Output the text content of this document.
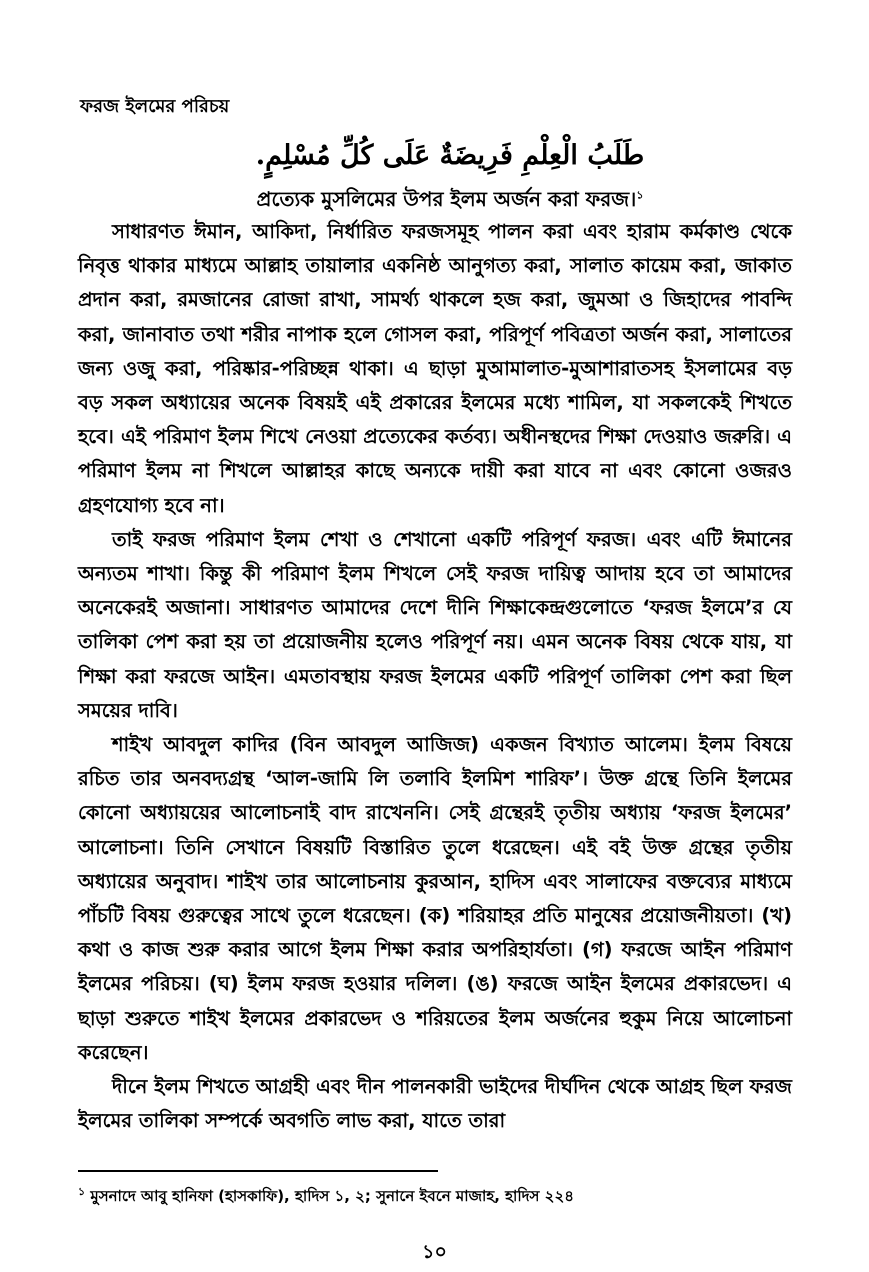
ফরজ ইলমের পরিচয়
طَلَبُ الْعِلْمِ فَرِيضَةٌ عَلَى كُلِّ مُسْلِمٍ.
প্রত্যেক মুসলিমের উপর ইলম অর্জন করা ফরজ।$^১$

সাধারণত ঈমান, আকিদা, নির্ধারিত ফরজসমূহ পালন করা এবং হারাম কর্মকাণ্ড থেকে নিবৃত্ত থাকার মাধ্যমে আল্লাহ তায়ালার একনিষ্ঠ আনুগত্য করা, সালাত কায়েম করা, জাকাত প্রদান করা, রমজানের রোজা রাখা, সামর্থ্য থাকলে হজ করা, জুমআ ও জিহাদের পাবন্দি করা, জানাবাত তথা শরীর নাপাক হলে গোসল করা, পরিপূর্ণ পবিত্রতা অর্জন করা, সালাতের জন্য ওজু করা, পরিষ্কার-পরিচ্ছন্ন থাকা। এ ছাড়া মুআমালাত-মুআশারাতসহ ইসলামের বড় বড় সকল অধ্যায়ের অনেক বিষয়ই এই প্রকারের ইলমের মধ্যে শামিল, যা সকলকেই শিখতে হবে। এই পরিমাণ ইলম শিখে নেওয়া প্রত্যেকের কর্তব্য। অধীনস্থদের শিক্ষা দেওয়াও জরুরি। এ পরিমাণ ইলম না শিখলে আল্লাহর কাছে অন্যকে দায়ী করা যাবে না এবং কোনো ওজরও গ্রহণযোগ্য হবে না।

তাই ফরজ পরিমাণ ইলম শেখা ও শেখানো একটি পরিপূর্ণ ফরজ। এবং এটি ঈমানের অন্যতম শাখা। কিন্তু কী পরিমাণ ইলম শিখলে সেই ফরজ দায়িত্ব আদায় হবে তা আমাদের অনেকেরই অজানা। সাধারণত আমাদের দেশে দীনি শিক্ষাকেন্দ্রগুলোতে ‘ফরজ ইলমে’র যে তালিকা পেশ করা হয় তা প্রয়োজনীয় হলেও পরিপূর্ণ নয়। এমন অনেক বিষয় থেকে যায়, যা শিক্ষা করা ফরজে আইন। এমতাবস্থায় ফরজ ইলমের একটি পরিপূর্ণ তালিকা পেশ করা ছিল সময়ের দাবি।

শাইখ আবদুল কাদির (বিন আবদুল আজিজ) একজন বিখ্যাত আলেম। ইলম বিষয়ে রচিত তার অনবদ্যগ্রন্থ ‘আল-জামি লি তলাবি ইলমিশ শারিফ’। উক্ত গ্রন্থে তিনি ইলমের কোনো অধ্যায়য়ের আলোচনাই বাদ রাখেননি। সেই গ্রন্থেরই তৃতীয় অধ্যায় ‘ফরজ ইলমের’ আলোচনা। তিনি সেখানে বিষয়টি বিস্তারিত তুলে ধরেছেন। এই বই উক্ত গ্রন্থের তৃতীয় অধ্যায়ের অনুবাদ। শাইখ তার আলোচনায় কুরআন, হাদিস এবং সালাফের বক্তব্যের মাধ্যমে পাঁচটি বিষয় গুরুত্বের সাথে তুলে ধরেছেন। (ক) শরিয়াহর প্রতি মানুষের প্রয়োজনীয়তা। (খ) কথা ও কাজ শুরু করার আগে ইলম শিক্ষা করার অপরিহার্যতা। (গ) ফরজে আইন পরিমাণ ইলমের পরিচয়। (ঘ) ইলম ফরজ হওয়ার দলিল। (ঙ) ফরজে আইন ইলমের প্রকারভেদ। এ ছাড়া শুরুতে শাইখ ইলমের প্রকারভেদ ও শরিয়তের ইলম অর্জনের হুকুম নিয়ে আলোচনা করেছেন।

দীনে ইলম শিখতে আগ্রহী এবং দীন পালনকারী ভাইদের দীর্ঘদিন থেকে আগ্রহ ছিল ফরজ ইলমের তালিকা সম্পর্কে অবগতি লাভ করা, যাতে তারা

$^১$ মুসনাদে আবু হানিফা (হাসকাফি), হাদিস ১, ২; সুনানে ইবনে মাজাহ, হাদিস ২২৪
১০
